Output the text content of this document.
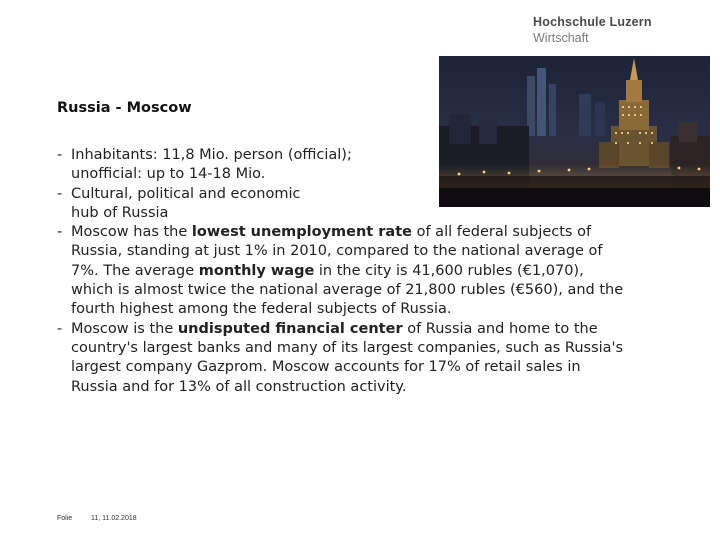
Hochschule Luzern
Wirtschaft
Russia - Moscow
- Inhabitants: 11,8 Mio. person (official);
unofficial: up to 14-18 Mio.
- Cultural, political and economic
hub of Russia
- Moscow has the lowest unemployment rate of all federal subjects of
Russia, standing at just 1% in 2010, compared to the national average of
7%. The average monthly wage in the city is 41,600 rubles (€1,070),
which is almost twice the national average of 21,800 rubles (€560), and the
fourth highest among the federal subjects of Russia.
- Moscow is the undisputed financial center of Russia and home to the
country's largest banks and many of its largest companies, such as Russia's
largest company Gazprom. Moscow accounts for 17% of retail sales in
Russia and for 13% of all construction activity.
Folie	11, 11.02.2018
